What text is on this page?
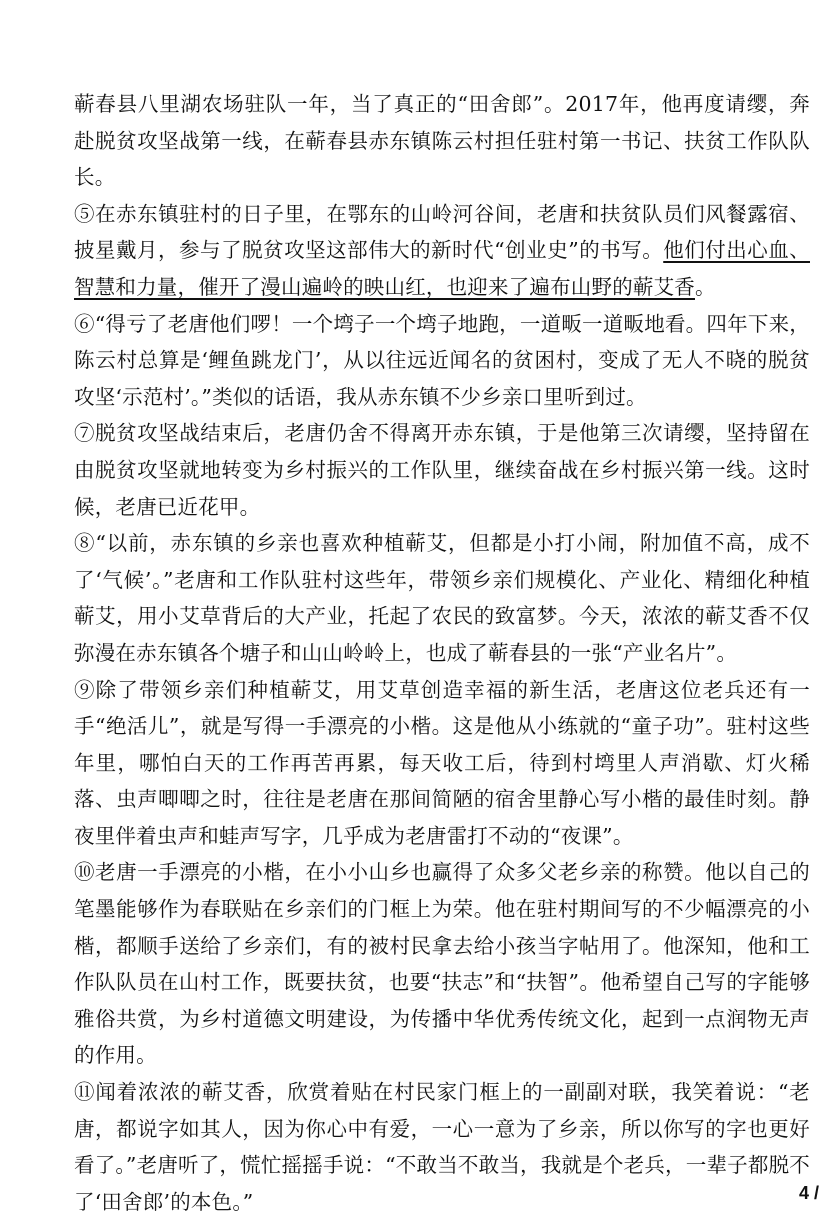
蕲春县八里湖农场驻队一年，当了真正的“田舍郎”。2017年，他再度请缨，奔赴脱贫攻坚战第一线，在蕲春县赤东镇陈云村担任驻村第一书记、扶贫工作队队长。

⑤在赤东镇驻村的日子里，在鄂东的山岭河谷间，老唐和扶贫队员们风餐露宿、披星戴月，参与了脱贫攻坚这部伟大的新时代“创业史”的书写。他们付出心血、智慧和力量，催开了漫山遍岭的映山红，也迎来了遍布山野的蕲艾香。

⑥“得亏了老唐他们啰！一个塆子一个塆子地跑，一道畈一道畈地看。四年下来，陈云村总算是‘鲤鱼跳龙门’，从以往远近闻名的贫困村，变成了无人不晓的脱贫攻坚‘示范村’。”类似的话语，我从赤东镇不少乡亲口里听到过。

⑦脱贫攻坚战结束后，老唐仍舍不得离开赤东镇，于是他第三次请缨，坚持留在由脱贫攻坚就地转变为乡村振兴的工作队里，继续奋战在乡村振兴第一线。这时候，老唐已近花甲。

⑧“以前，赤东镇的乡亲也喜欢种植蕲艾，但都是小打小闹，附加值不高，成不了‘气候’。”老唐和工作队驻村这些年，带领乡亲们规模化、产业化、精细化种植蕲艾，用小艾草背后的大产业，托起了农民的致富梦。今天，浓浓的蕲艾香不仅弥漫在赤东镇各个塘子和山山岭岭上，也成了蕲春县的一张“产业名片”。

⑨除了带领乡亲们种植蕲艾，用艾草创造幸福的新生活，老唐这位老兵还有一手“绝活儿”，就是写得一手漂亮的小楷。这是他从小练就的“童子功”。驻村这些年里，哪怕白天的工作再苦再累，每天收工后，待到村塆里人声消歇、灯火稀落、虫声唧唧之时，往往是老唐在那间简陋的宿舍里静心写小楷的最佳时刻。静夜里伴着虫声和蛙声写字，几乎成为老唐雷打不动的“夜课”。

⑩老唐一手漂亮的小楷，在小小山乡也赢得了众多父老乡亲的称赞。他以自己的笔墨能够作为春联贴在乡亲们的门框上为荣。他在驻村期间写的不少幅漂亮的小楷，都顺手送给了乡亲们，有的被村民拿去给小孩当字帖用了。他深知，他和工作队队员在山村工作，既要扶贫，也要“扶志”和“扶智”。他希望自己写的字能够雅俗共赏，为乡村道德文明建设，为传播中华优秀传统文化，起到一点润物无声的作用。

⑪闻着浓浓的蕲艾香，欣赏着贴在村民家门框上的一副副对联，我笑着说：“老唐，都说字如其人，因为你心中有爱，一心一意为了乡亲，所以你写的字也更好看了。”老唐听了，慌忙摇摇手说：“不敢当不敢当，我就是个老兵，一辈子都脱不了‘田舍郎’的本色。”	4 /
